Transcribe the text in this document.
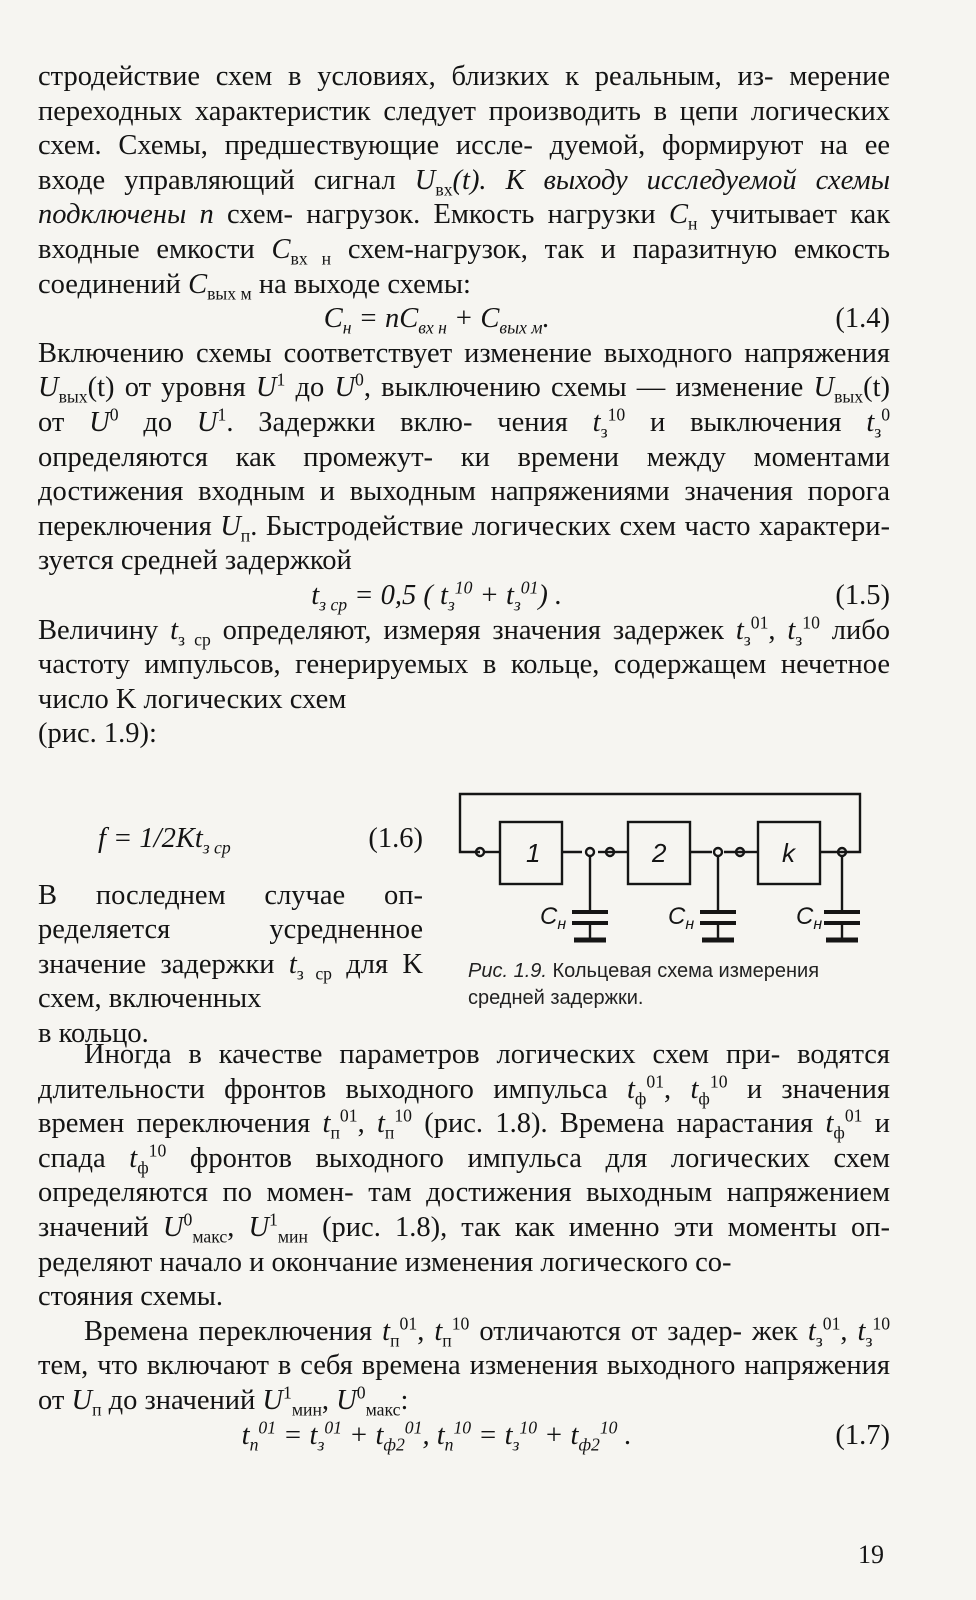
стродействие схем в условиях, близких к реальным, из- мерение переходных характеристик следует производить в цепи логических схем. Схемы, предшествующие иссле- дуемой, формируют на ее входе управляющий сигнал $U_{вх}(t)$. К выходу исследуемой схемы подключены n схем- нагрузок. Емкость нагрузки $C_н$ учитывает как входные емкости $C_{вх н}$ схем-нагрузок, так и паразитную емкость соединений $C_{вых м}$ на выходе схемы:

$C_н = nC_{вх н} + C_{вых м}$.	(1.4)

Включению схемы соответствует изменение выходного напряжения $U_{вых}(t)$ от уровня $U^1$ до $U^0$, выключению схемы — изменение $U_{вых}(t)$ от $U^0$ до $U^1$. Задержки вклю- чения $t_з^{10}$ и выключения $t_з^0$ определяются как промежут- ки времени между моментами достижения входным и выходным напряжениями значения порога переключения $U_п$. Быстродействие логических схем часто характери- зуется средней задержкой

$t_{з ср} = 0,5$ ( $t_з^{10} + t_з^{01}$) .	(1.5)

Величину $t_{з ср}$ определяют, измеряя значения задержек $t_з^{01}$, $t_з^{10}$ либо частоту импульсов, генерируемых в кольце, содержащем нечетное число K логических схем

(рис. 1.9):

$f = 1/2Kt_{з ср}$	(1.6)

В последнем случае оп- ределяется усредненное значение задержки $t_{з ср}$ для K схем, включенных

в кольцо.

1	2	k
$C_н$	$C_н$	$C_н$
Рис. 1.9. Кольцевая схема измерения средней задержки.

Иногда в качестве параметров логических схем при- водятся длительности фронтов выходного импульса $t_ф^{01}$, $t_ф^{10}$ и значения времен переключения $t_п^{01}$, $t_п^{10}$ (рис. 1.8). Времена нарастания $t_ф^{01}$ и спада $t_ф^{10}$ фронтов выходного импульса для логических схем определяются по момен- там достижения выходным напряжением значений $U^0_{макс}$, $U^1_{мин}$ (рис. 1.8), так как именно эти моменты оп- ределяют начало и окончание изменения логического со-

стояния схемы.

Времена переключения $t_п^{01}$, $t_п^{10}$ отличаются от задер- жек $t_з^{01}$, $t_з^{10}$ тем, что включают в себя времена изменения выходного напряжения от $U_п$ до значений $U^1_{мин}$, $U^0_{макс}$:

$t_п^{01} = t_з^{01} + t_{ф2}^{01}$, $t_п^{10} = t_з^{10} + t_{ф2}^{10}$ .	(1.7)
19
